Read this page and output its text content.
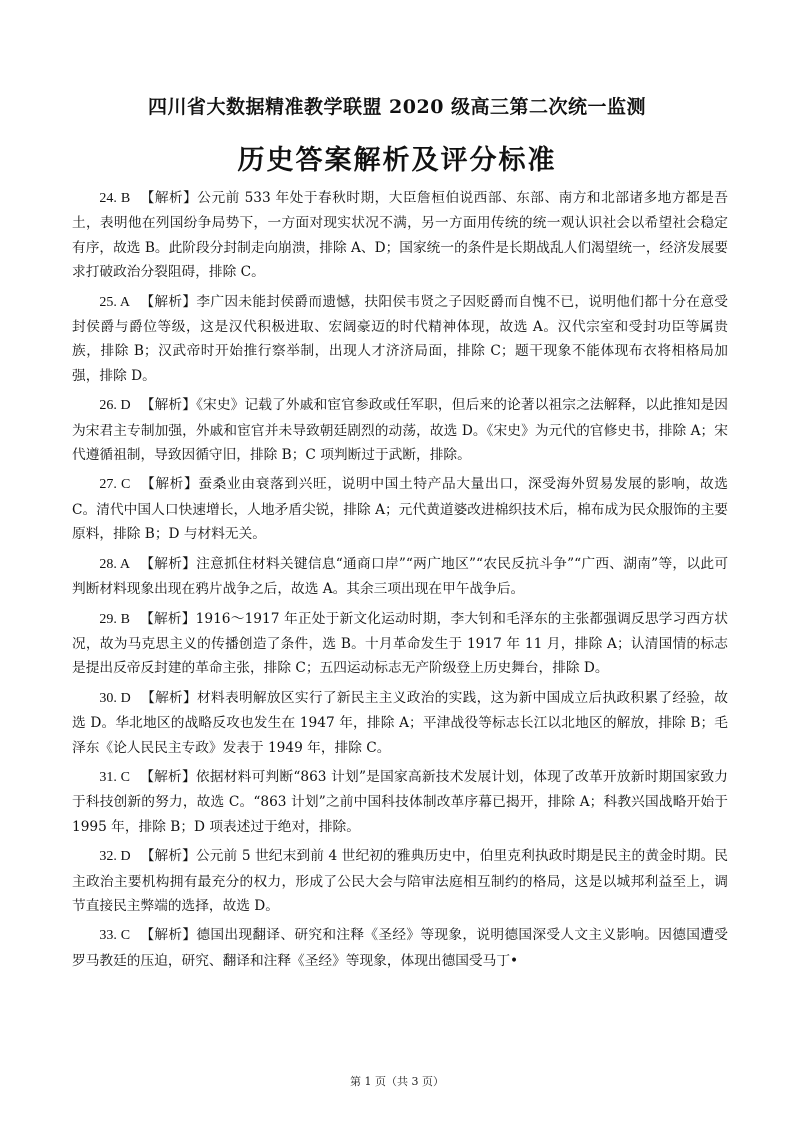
四川省大数据精准教学联盟 2020 级高三第二次统一监测
历史答案解析及评分标准

24. B 【解析】公元前 533 年处于春秋时期，大臣詹桓伯说西部、东部、南方和北部诸多地方都是吾土，表明他在列国纷争局势下，一方面对现实状况不满，另一方面用传统的统一观认识社会以希望社会稳定有序，故选 B。此阶段分封制走向崩溃，排除 A、D；国家统一的条件是长期战乱人们渴望统一，经济发展要求打破政治分裂阻碍，排除 C。

25. A 【解析】李广因未能封侯爵而遗憾，扶阳侯韦贤之子因贬爵而自愧不已，说明他们都十分在意受封侯爵与爵位等级，这是汉代积极进取、宏阔豪迈的时代精神体现，故选 A。汉代宗室和受封功臣等属贵族，排除 B；汉武帝时开始推行察举制，出现人才济济局面，排除 C；题干现象不能体现布衣将相格局加强，排除 D。

26. D 【解析】《宋史》记载了外戚和宦官参政或任军职，但后来的论著以祖宗之法解释，以此推知是因为宋君主专制加强，外戚和宦官并未导致朝廷剧烈的动荡，故选 D。《宋史》为元代的官修史书，排除 A；宋代遵循祖制，导致因循守旧，排除 B；C 项判断过于武断，排除。

27. C 【解析】蚕桑业由衰落到兴旺，说明中国土特产品大量出口，深受海外贸易发展的影响，故选 C。清代中国人口快速增长，人地矛盾尖锐，排除 A；元代黄道婆改进棉织技术后，棉布成为民众服饰的主要原料，排除 B；D 与材料无关。

28. A 【解析】注意抓住材料关键信息“通商口岸”“两广地区”“农民反抗斗争”“广西、湖南”等，以此可判断材料现象出现在鸦片战争之后，故选 A。其余三项出现在甲午战争后。

29. B 【解析】1916～1917 年正处于新文化运动时期，李大钊和毛泽东的主张都强调反思学习西方状况，故为马克思主义的传播创造了条件，选 B。十月革命发生于 1917 年 11 月，排除 A；认清国情的标志是提出反帝反封建的革命主张，排除 C；五四运动标志无产阶级登上历史舞台，排除 D。

30. D 【解析】材料表明解放区实行了新民主主义政治的实践，这为新中国成立后执政积累了经验，故选 D。华北地区的战略反攻也发生在 1947 年，排除 A；平津战役等标志长江以北地区的解放，排除 B；毛泽东《论人民民主专政》发表于 1949 年，排除 C。

31. C 【解析】依据材料可判断“863 计划”是国家高新技术发展计划，体现了改革开放新时期国家致力于科技创新的努力，故选 C。“863 计划”之前中国科技体制改革序幕已揭开，排除 A；科教兴国战略开始于 1995 年，排除 B；D 项表述过于绝对，排除。

32. D 【解析】公元前 5 世纪末到前 4 世纪初的雅典历史中，伯里克利执政时期是民主的黄金时期。民主政治主要机构拥有最充分的权力，形成了公民大会与陪审法庭相互制约的格局，这是以城邦利益至上，调节直接民主弊端的选择，故选 D。

33. C 【解析】德国出现翻译、研究和注释《圣经》等现象，说明德国深受人文主义影响。因德国遭受罗马教廷的压迫，研究、翻译和注释《圣经》等现象，体现出德国受马丁•

第 1 页（共 3 页）
